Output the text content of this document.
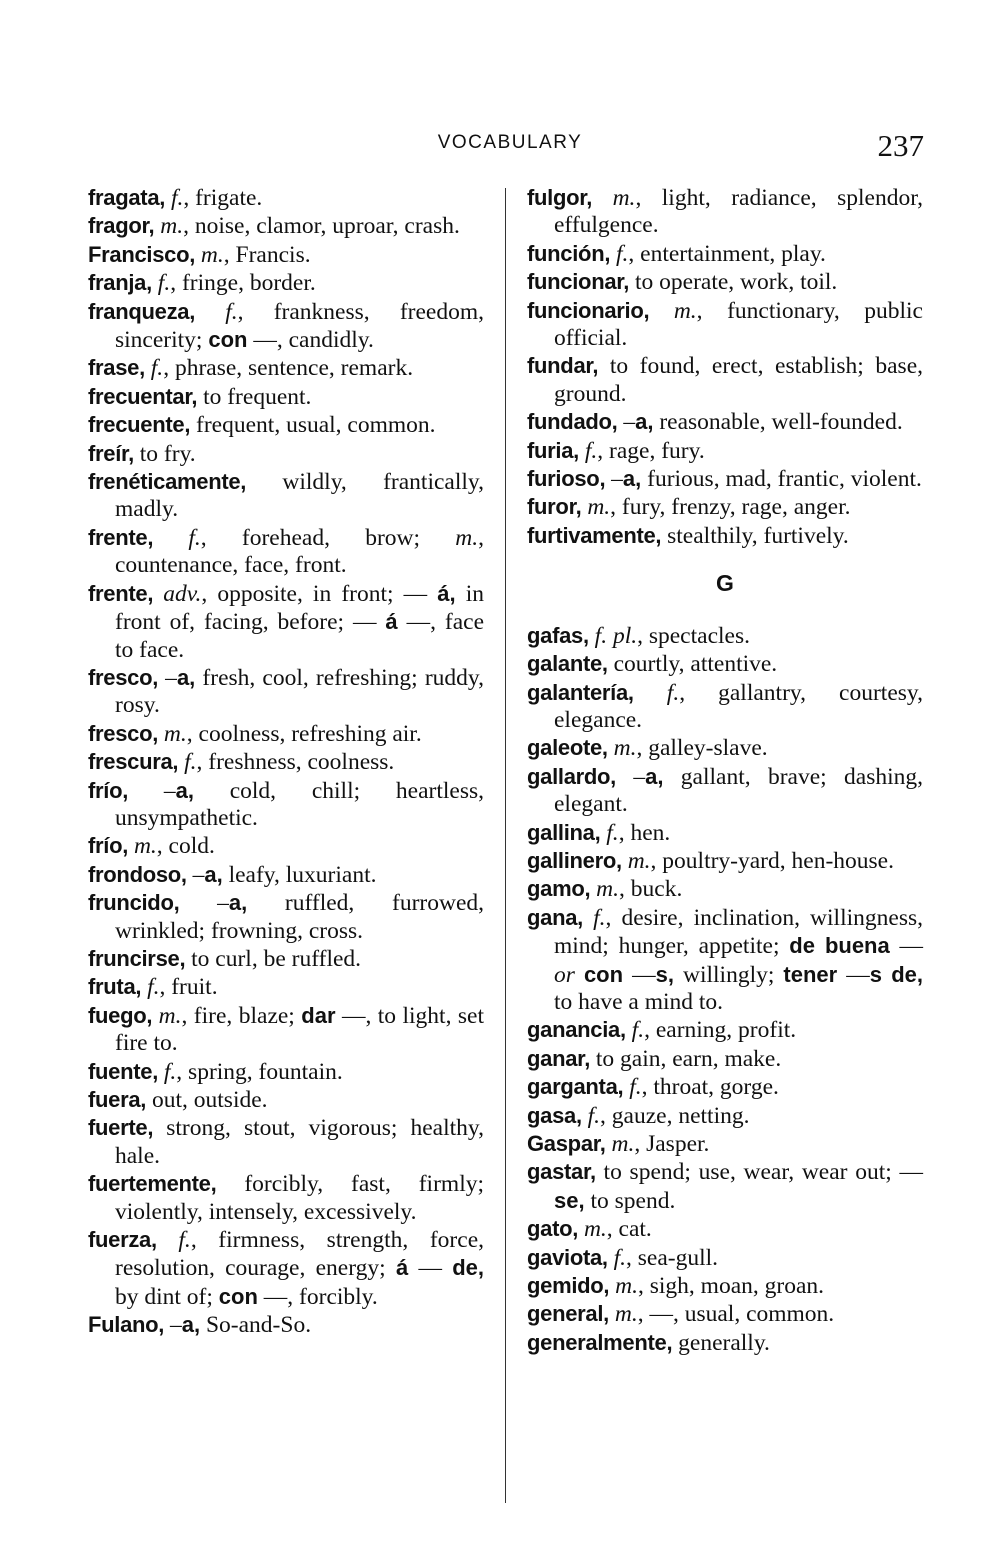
VOCABULARY	237
fragata, f., frigate.
fragor, m., noise, clamor, uproar, crash.
Francisco, m., Francis.
franja, f., fringe, border.
franqueza, f., frankness, freedom, sincerity; con —, candidly.
frase, f., phrase, sentence, remark.
frecuentar, to frequent.
frecuente, frequent, usual, common.
freír, to fry.
frenéticamente, wildly, frantically, madly.
frente, f., forehead, brow; m., countenance, face, front.
frente, adv., opposite, in front; — á, in front of, facing, before; — á —, face to face.
fresco, –a, fresh, cool, refreshing; ruddy, rosy.
fresco, m., coolness, refreshing air.
frescura, f., freshness, coolness.
frío, –a, cold, chill; heartless, unsympathetic.
frío, m., cold.
frondoso, –a, leafy, luxuriant.
fruncido, –a, ruffled, furrowed, wrinkled; frowning, cross.
fruncirse, to curl, be ruffled.
fruta, f., fruit.
fuego, m., fire, blaze; dar —, to light, set fire to.
fuente, f., spring, fountain.
fuera, out, outside.
fuerte, strong, stout, vigorous; healthy, hale.
fuertemente, forcibly, fast, firmly; violently, intensely, excessively.
fuerza, f., firmness, strength, force, resolution, courage, energy; á — de, by dint of; con —, forcibly.
Fulano, –a, So-and-So.
fulgor, m., light, radiance, splendor, effulgence.
función, f., entertainment, play.
funcionar, to operate, work, toil.
funcionario, m., functionary, public official.
fundar, to found, erect, establish; base, ground.
fundado, –a, reasonable, well-founded.
furia, f., rage, fury.
furioso, –a, furious, mad, frantic, violent.
furor, m., fury, frenzy, rage, anger.
furtivamente, stealthily, furtively.
G
gafas, f. pl., spectacles.
galante, courtly, attentive.
galantería, f., gallantry, courtesy, elegance.
galeote, m., galley-slave.
gallardo, –a, gallant, brave; dashing, elegant.
gallina, f., hen.
gallinero, m., poultry-yard, hen-house.
gamo, m., buck.
gana, f., desire, inclination, willingness, mind; hunger, appetite; de buena — or con —s, willingly; tener —s de, to have a mind to.
ganancia, f., earning, profit.
ganar, to gain, earn, make.
garganta, f., throat, gorge.
gasa, f., gauze, netting.
Gaspar, m., Jasper.
gastar, to spend; use, wear, wear out; —se, to spend.
gato, m., cat.
gaviota, f., sea-gull.
gemido, m., sigh, moan, groan.
general, m., —, usual, common.
generalmente, generally.
